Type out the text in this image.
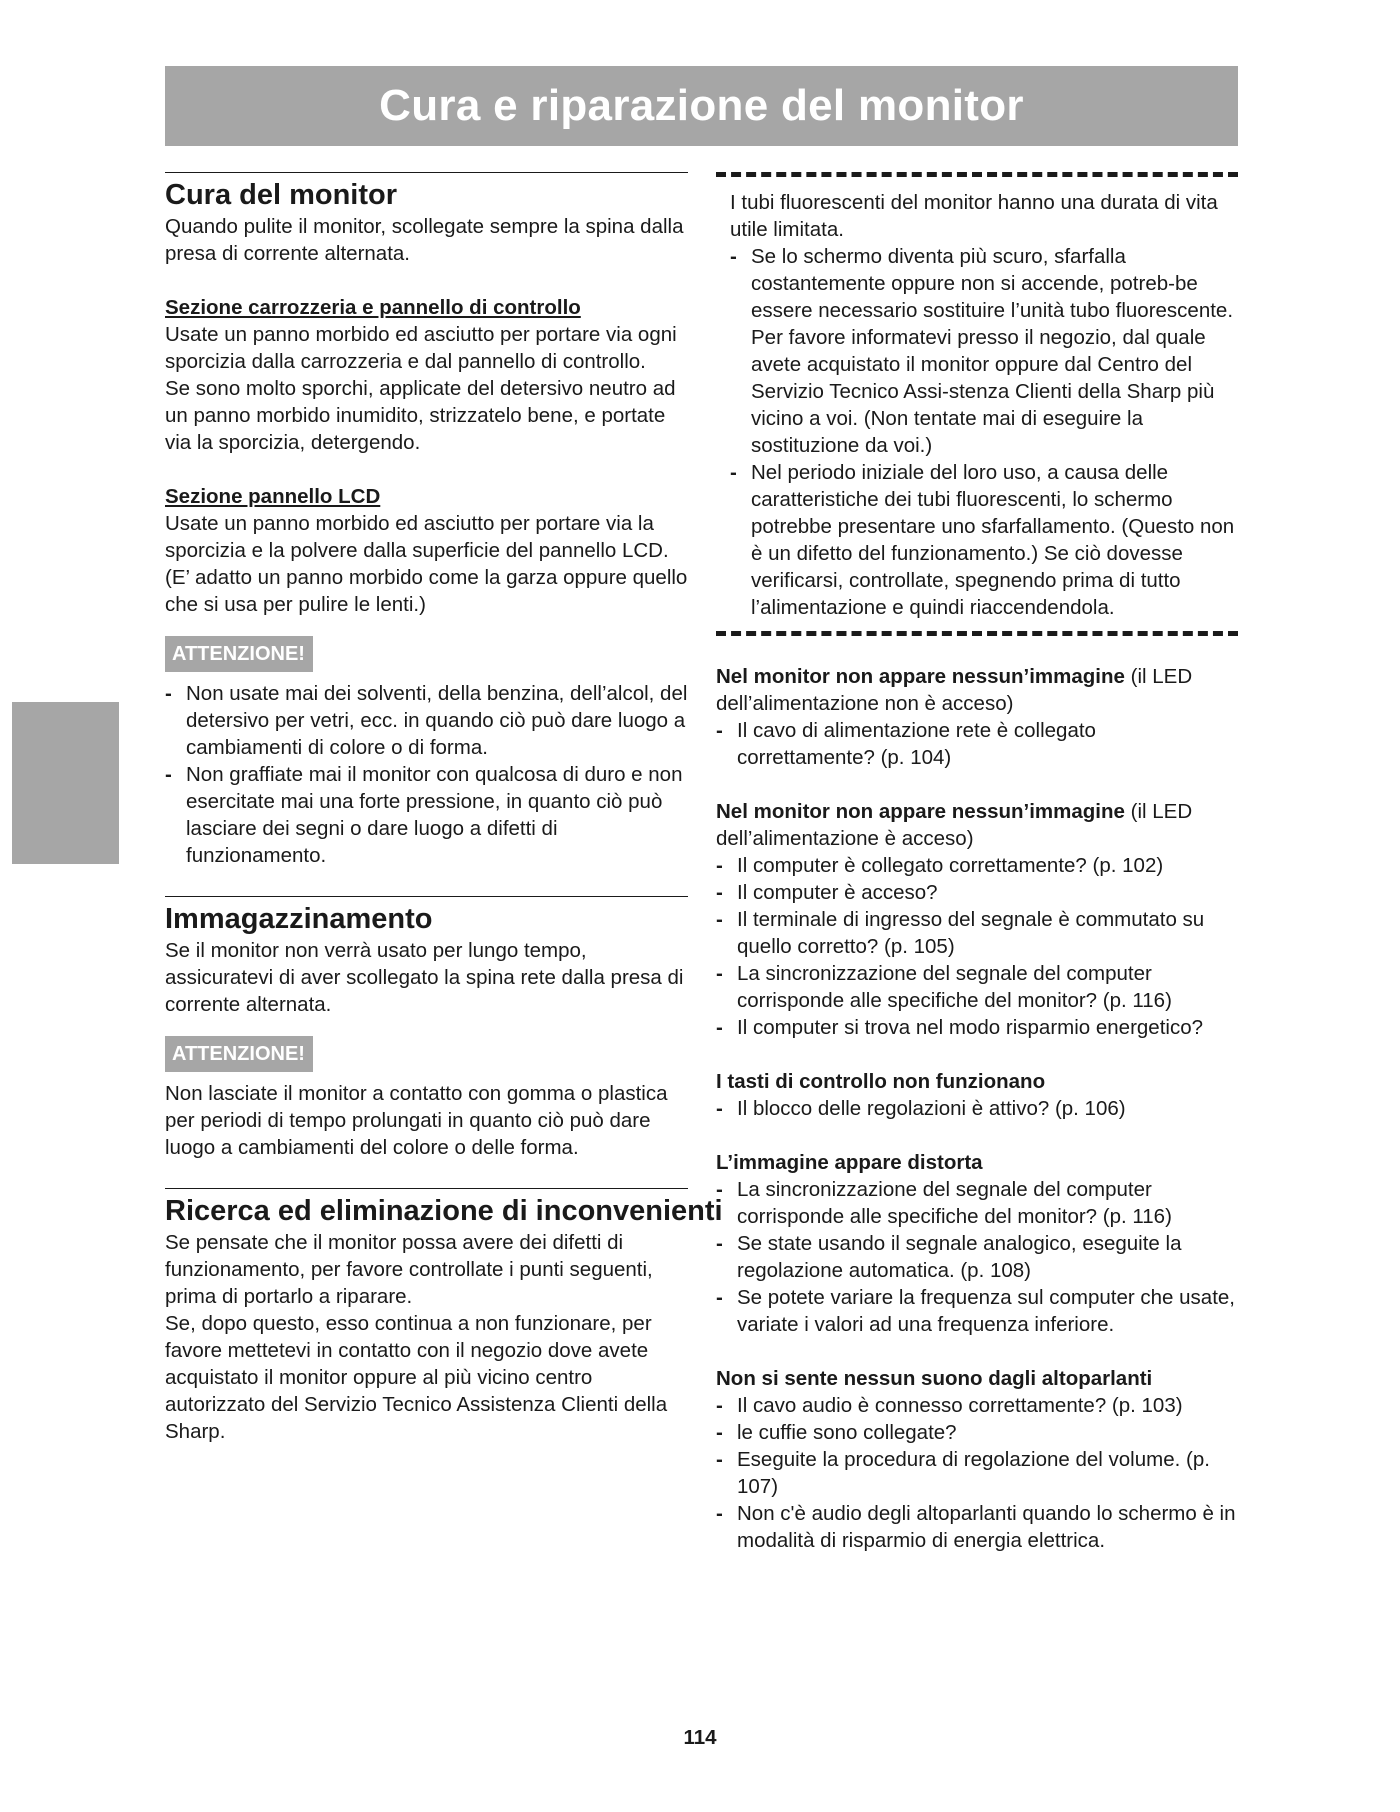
Cura e riparazione del monitor
Cura del monitor

Quando pulite il monitor, scollegate sempre la spina dalla presa di corrente alternata.

Sezione carrozzeria e pannello di controllo

Usate un panno morbido ed asciutto per portare via ogni sporcizia dalla carrozzeria e dal pannello di controllo.

Se sono molto sporchi, applicate del detersivo neutro ad un panno morbido inumidito, strizzatelo bene, e portate via la sporcizia, detergendo.

Sezione pannello LCD

Usate un panno morbido ed asciutto per portare via la sporcizia e la polvere dalla superficie del pannello LCD. (E’ adatto un panno morbido come la garza oppure quello che si usa per pulire le lenti.)

ATTENZIONE!
- Non usate mai dei solventi, della benzina, dell’alcol, del detersivo per vetri, ecc. in quando ciò può dare luogo a cambiamenti di colore o di forma.
- Non graffiate mai il monitor con qualcosa di duro e non esercitate mai una forte pressione, in quanto ciò può lasciare dei segni o dare luogo a difetti di funzionamento.
Immagazzinamento

Se il monitor non verrà usato per lungo tempo, assicuratevi di aver scollegato la spina rete dalla presa di corrente alternata.

ATTENZIONE!

Non lasciate il monitor a contatto con gomma o plastica per periodi di tempo prolungati in quanto ciò può dare luogo a cambiamenti del colore o delle forma.

Ricerca ed eliminazione di inconvenienti

Se pensate che il monitor possa avere dei difetti di funzionamento, per favore controllate i punti seguenti, prima di portarlo a riparare.

Se, dopo questo, esso continua a non funzionare, per favore mettetevi in contatto con il negozio dove avete acquistato il monitor oppure al più vicino centro autorizzato del Servizio Tecnico Assistenza Clienti della Sharp.

I tubi fluorescenti del monitor hanno una durata di vita utile limitata.

- Se lo schermo diventa più scuro, sfarfalla costantemente oppure non si accende, potreb-be essere necessario sostituire l’unità tubo fluorescente. Per favore informatevi presso il negozio, dal quale avete acquistato il monitor oppure dal Centro del Servizio Tecnico Assi-stenza Clienti della Sharp più vicino a voi. (Non tentate mai di eseguire la sostituzione da voi.)
- Nel periodo iniziale del loro uso, a causa delle caratteristiche dei tubi fluorescenti, lo schermo potrebbe presentare uno sfarfallamento. (Questo non è un difetto del funzionamento.) Se ciò dovesse verificarsi, controllate, spegnendo prima di tutto l’alimentazione e quindi riaccendendola.

Nel monitor non appare nessun’immagine (il LED dell’alimentazione non è acceso)

- Il cavo di alimentazione rete è collegato correttamente? (p. 104)

Nel monitor non appare nessun’immagine (il LED dell’alimentazione è acceso)

- Il computer è collegato correttamente? (p. 102)
- Il computer è acceso?
- Il terminale di ingresso del segnale è commutato su quello corretto? (p. 105)
- La sincronizzazione del segnale del computer corrisponde alle specifiche del monitor? (p. 116)
- Il computer si trova nel modo risparmio energetico?

I tasti di controllo non funzionano

- Il blocco delle regolazioni è attivo? (p. 106)

L’immagine appare distorta

- La sincronizzazione del segnale del computer corrisponde alle specifiche del monitor? (p. 116)
- Se state usando il segnale analogico, eseguite la regolazione automatica. (p. 108)
- Se potete variare la frequenza sul computer che usate, variate i valori ad una frequenza inferiore.

Non si sente nessun suono dagli altoparlanti

- Il cavo audio è connesso correttamente? (p. 103)
- le cuffie sono collegate?
- Eseguite la procedura di regolazione del volume. (p. 107)
- Non c'è audio degli altoparlanti quando lo schermo è in modalità di risparmio di energia elettrica.
114
